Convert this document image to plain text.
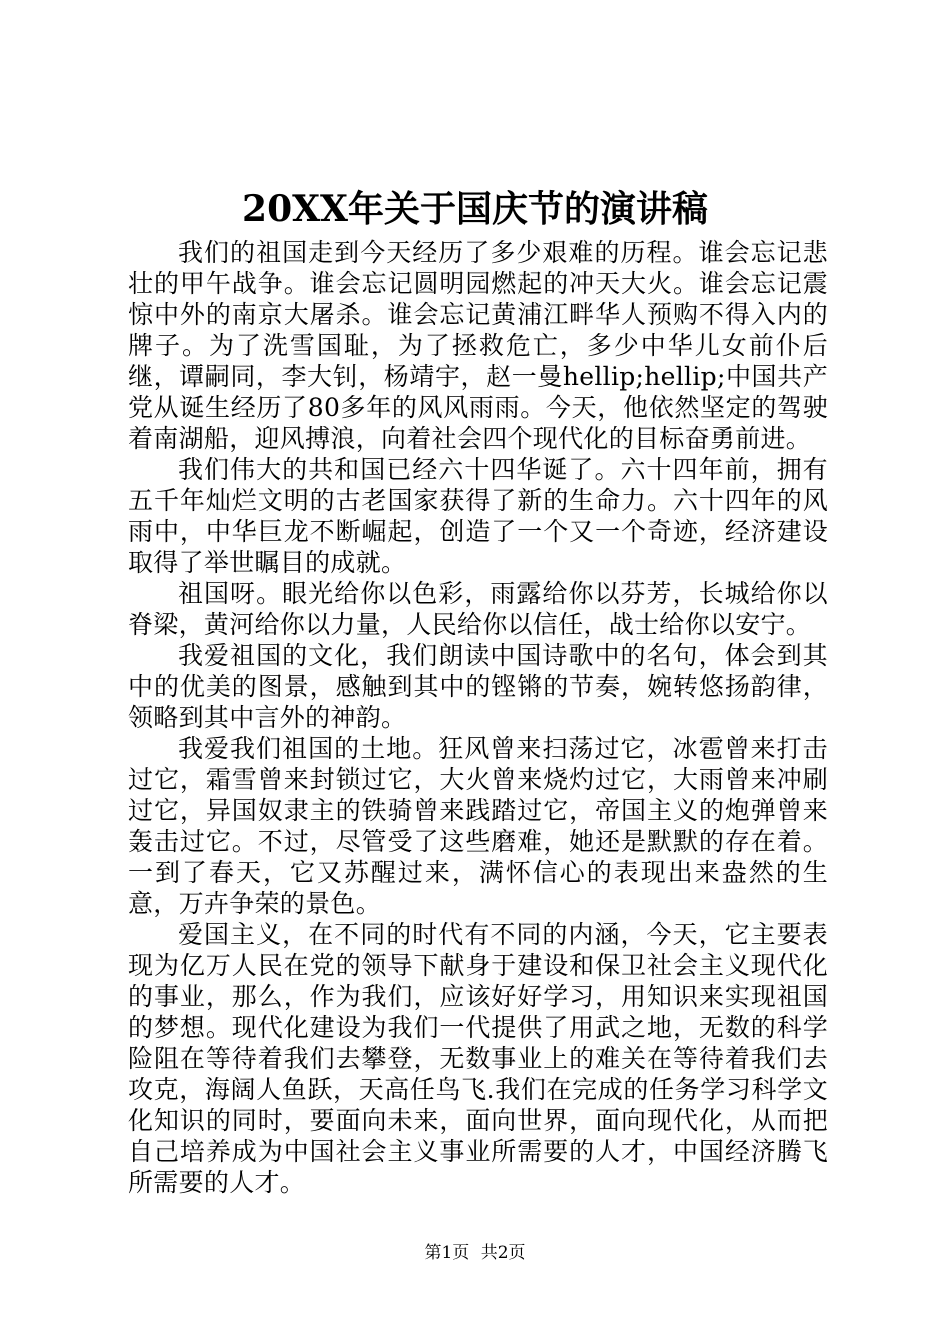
20XX年关于国庆节的演讲稿

我们的祖国走到今天经历了多少艰难的历程。谁会忘记悲壮的甲午战争。谁会忘记圆明园燃起的冲天大火。谁会忘记震惊中外的南京大屠杀。谁会忘记黄浦江畔华人预购不得入内的牌子。为了洗雪国耻，为了拯救危亡，多少中华儿女前仆后继，谭嗣同，李大钊，杨靖宇，赵一曼hellip;hellip;中国共产党从诞生经历了80多年的风风雨雨。今天，他依然坚定的驾驶着南湖船，迎风搏浪，向着社会四个现代化的目标奋勇前进。

我们伟大的共和国已经六十四华诞了。六十四年前，拥有五千年灿烂文明的古老国家获得了新的生命力。六十四年的风雨中，中华巨龙不断崛起，创造了一个又一个奇迹，经济建设取得了举世瞩目的成就。

祖国呀。眼光给你以色彩，雨露给你以芬芳，长城给你以脊梁，黄河给你以力量，人民给你以信任，战士给你以安宁。

我爱祖国的文化，我们朗读中国诗歌中的名句，体会到其中的优美的图景，感触到其中的铿锵的节奏，婉转悠扬韵律，领略到其中言外的神韵。

我爱我们祖国的土地。狂风曾来扫荡过它，冰雹曾来打击过它，霜雪曾来封锁过它，大火曾来烧灼过它，大雨曾来冲刷过它，异国奴隶主的铁骑曾来践踏过它，帝国主义的炮弹曾来轰击过它。不过，尽管受了这些磨难，她还是默默的存在着。一到了春天，它又苏醒过来，满怀信心的表现出来盎然的生意，万卉争荣的景色。

爱国主义，在不同的时代有不同的内涵，今天，它主要表现为亿万人民在党的领导下献身于建设和保卫社会主义现代化的事业，那么，作为我们，应该好好学习，用知识来实现祖国的梦想。现代化建设为我们一代提供了用武之地，无数的科学险阻在等待着我们去攀登，无数事业上的难关在等待着我们去攻克，海阔人鱼跃，天高任鸟飞.我们在完成的任务学习科学文化知识的同时，要面向未来，面向世界，面向现代化，从而把自己培养成为中国社会主义事业所需要的人才，中国经济腾飞所需要的人才。

第1页 共2页
